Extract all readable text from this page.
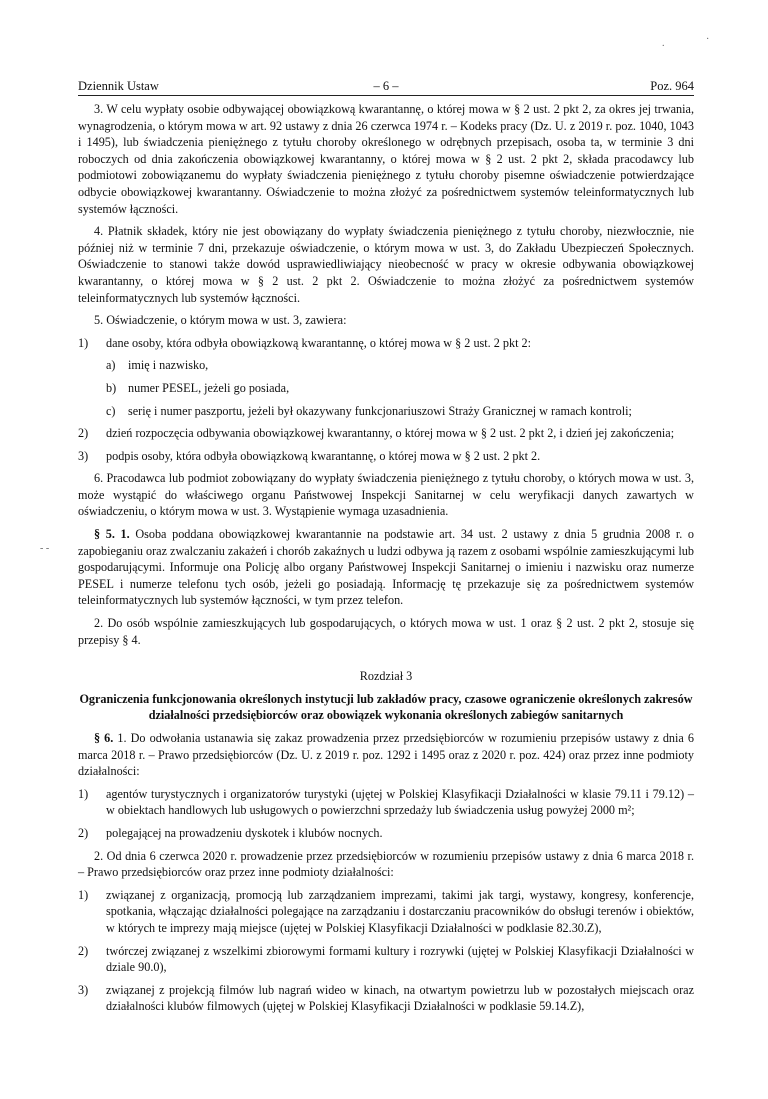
.	·
‑ ‑
Dziennik Ustaw	– 6 –	Poz. 964

3. W celu wypłaty osobie odbywającej obowiązkową kwarantannę, o której mowa w § 2 ust. 2 pkt 2, za okres jej trwania, wynagrodzenia, o którym mowa w art. 92 ustawy z dnia 26 czerwca 1974 r. – Kodeks pracy (Dz. U. z 2019 r. poz. 1040, 1043 i 1495), lub świadczenia pieniężnego z tytułu choroby określonego w odrębnych przepisach, osoba ta, w terminie 3 dni roboczych od dnia zakończenia obowiązkowej kwarantanny, o której mowa w § 2 ust. 2 pkt 2, składa pracodawcy lub podmiotowi zobowiązanemu do wypłaty świadczenia pieniężnego z tytułu choroby pisemne oświadczenie potwierdzające odbycie obowiązkowej kwarantanny. Oświadczenie to można złożyć za pośrednictwem systemów teleinformatycznych lub systemów łączności.

4. Płatnik składek, który nie jest obowiązany do wypłaty świadczenia pieniężnego z tytułu choroby, niezwłocznie, nie później niż w terminie 7 dni, przekazuje oświadczenie, o którym mowa w ust. 3, do Zakładu Ubezpieczeń Społecznych. Oświadczenie to stanowi także dowód usprawiedliwiający nieobecność w pracy w okresie odbywania obowiązkowej kwarantanny, o której mowa w § 2 ust. 2 pkt 2. Oświadczenie to można złożyć za pośrednictwem systemów teleinformatycznych lub systemów łączności.

5. Oświadczenie, o którym mowa w ust. 3, zawiera:

1)	dane osoby, która odbyła obowiązkową kwarantannę, o której mowa w § 2 ust. 2 pkt 2:
a)	imię i nazwisko,
b) numer PESEL, jeżeli go posiada,
c)	serię i numer paszportu, jeżeli był okazywany funkcjonariuszowi Straży Granicznej w ramach kontroli;
2)	dzień rozpoczęcia odbywania obowiązkowej kwarantanny, o której mowa w § 2 ust. 2 pkt 2, i dzień jej zakończenia;
3)	podpis osoby, która odbyła obowiązkową kwarantannę, o której mowa w § 2 ust. 2 pkt 2.

6. Pracodawca lub podmiot zobowiązany do wypłaty świadczenia pieniężnego z tytułu choroby, o których mowa w ust. 3, może wystąpić do właściwego organu Państwowej Inspekcji Sanitarnej w celu weryfikacji danych zawartych w oświadczeniu, o którym mowa w ust. 3. Wystąpienie wymaga uzasadnienia.

§ 5. 1. Osoba poddana obowiązkowej kwarantannie na podstawie art. 34 ust. 2 ustawy z dnia 5 grudnia 2008 r. o zapobieganiu oraz zwalczaniu zakażeń i chorób zakaźnych u ludzi odbywa ją razem z osobami wspólnie zamieszkującymi lub gospodarującymi. Informuje ona Policję albo organy Państwowej Inspekcji Sanitarnej o imieniu i nazwisku oraz numerze PESEL i numerze telefonu tych osób, jeżeli go posiadają. Informację tę przekazuje się za pośrednictwem systemów teleinformatycznych lub systemów łączności, w tym przez telefon.

2. Do osób wspólnie zamieszkujących lub gospodarujących, o których mowa w ust. 1 oraz § 2 ust. 2 pkt 2, stosuje się przepisy § 4.

Rozdział 3

Ograniczenia funkcjonowania określonych instytucji lub zakładów pracy, czasowe ograniczenie określonych zakresów działalności przedsiębiorców oraz obowiązek wykonania określonych zabiegów sanitarnych

§ 6. 1. Do odwołania ustanawia się zakaz prowadzenia przez przedsiębiorców w rozumieniu przepisów ustawy z dnia 6 marca 2018 r. – Prawo przedsiębiorców (Dz. U. z 2019 r. poz. 1292 i 1495 oraz z 2020 r. poz. 424) oraz przez inne podmioty działalności:

1)	agentów turystycznych i organizatorów turystyki (ujętej w Polskiej Klasyfikacji Działalności w klasie 79.11 i 79.12) – w obiektach handlowych lub usługowych o powierzchni sprzedaży lub świadczenia usług powyżej 2000 m²;
2)	polegającej na prowadzeniu dyskotek i klubów nocnych.

2. Od dnia 6 czerwca 2020 r. prowadzenie przez przedsiębiorców w rozumieniu przepisów ustawy z dnia 6 marca 2018 r. – Prawo przedsiębiorców oraz przez inne podmioty działalności:

1)	związanej z organizacją, promocją lub zarządzaniem imprezami, takimi jak targi, wystawy, kongresy, konferencje, spotkania, włączając działalności polegające na zarządzaniu i dostarczaniu pracowników do obsługi terenów i obiektów, w których te imprezy mają miejsce (ujętej w Polskiej Klasyfikacji Działalności w podklasie 82.30.Z),
2)	twórczej związanej z wszelkimi zbiorowymi formami kultury i rozrywki (ujętej w Polskiej Klasyfikacji Działalności w dziale 90.0),
3)	związanej z projekcją filmów lub nagrań wideo w kinach, na otwartym powietrzu lub w pozostałych miejscach oraz działalności klubów filmowych (ujętej w Polskiej Klasyfikacji Działalności w podklasie 59.14.Z),
